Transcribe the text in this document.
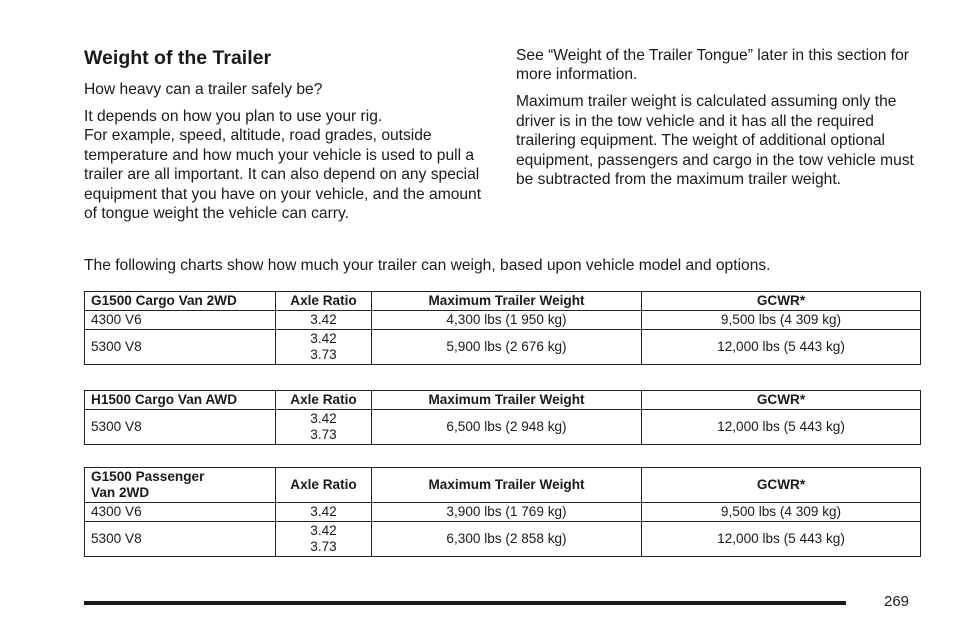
Weight of the Trailer

How heavy can a trailer safely be?

It depends on how you plan to use your rig.

For example, speed, altitude, road grades, outside temperature and how much your vehicle is used to pull a trailer are all important. It can also depend on any special equipment that you have on your vehicle, and the amount of tongue weight the vehicle can carry.

See “Weight of the Trailer Tongue” later in this section for more information.

Maximum trailer weight is calculated assuming only the driver is in the tow vehicle and it has all the required trailering equipment. The weight of additional optional equipment, passengers and cargo in the tow vehicle must be subtracted from the maximum trailer weight.

The following charts show how much your trailer can weigh, based upon vehicle model and options.
G1500 Cargo Van 2WD	Axle Ratio	Maximum Trailer Weight	GCWR*
4300 V6	3.42	4,300 lbs (1 950 kg)	9,500 lbs (4 309 kg)
5300 V8	3.42
3.73	5,900 lbs (2 676 kg)	12,000 lbs (5 443 kg)
H1500 Cargo Van AWD	Axle Ratio	Maximum Trailer Weight	GCWR*
5300 V8	3.42
3.73	6,500 lbs (2 948 kg)	12,000 lbs (5 443 kg)
G1500 Passenger
Van 2WD	Axle Ratio	Maximum Trailer Weight	GCWR*
4300 V6	3.42	3,900 lbs (1 769 kg)	9,500 lbs (4 309 kg)
5300 V8	3.42
3.73	6,300 lbs (2 858 kg)	12,000 lbs (5 443 kg)
269
